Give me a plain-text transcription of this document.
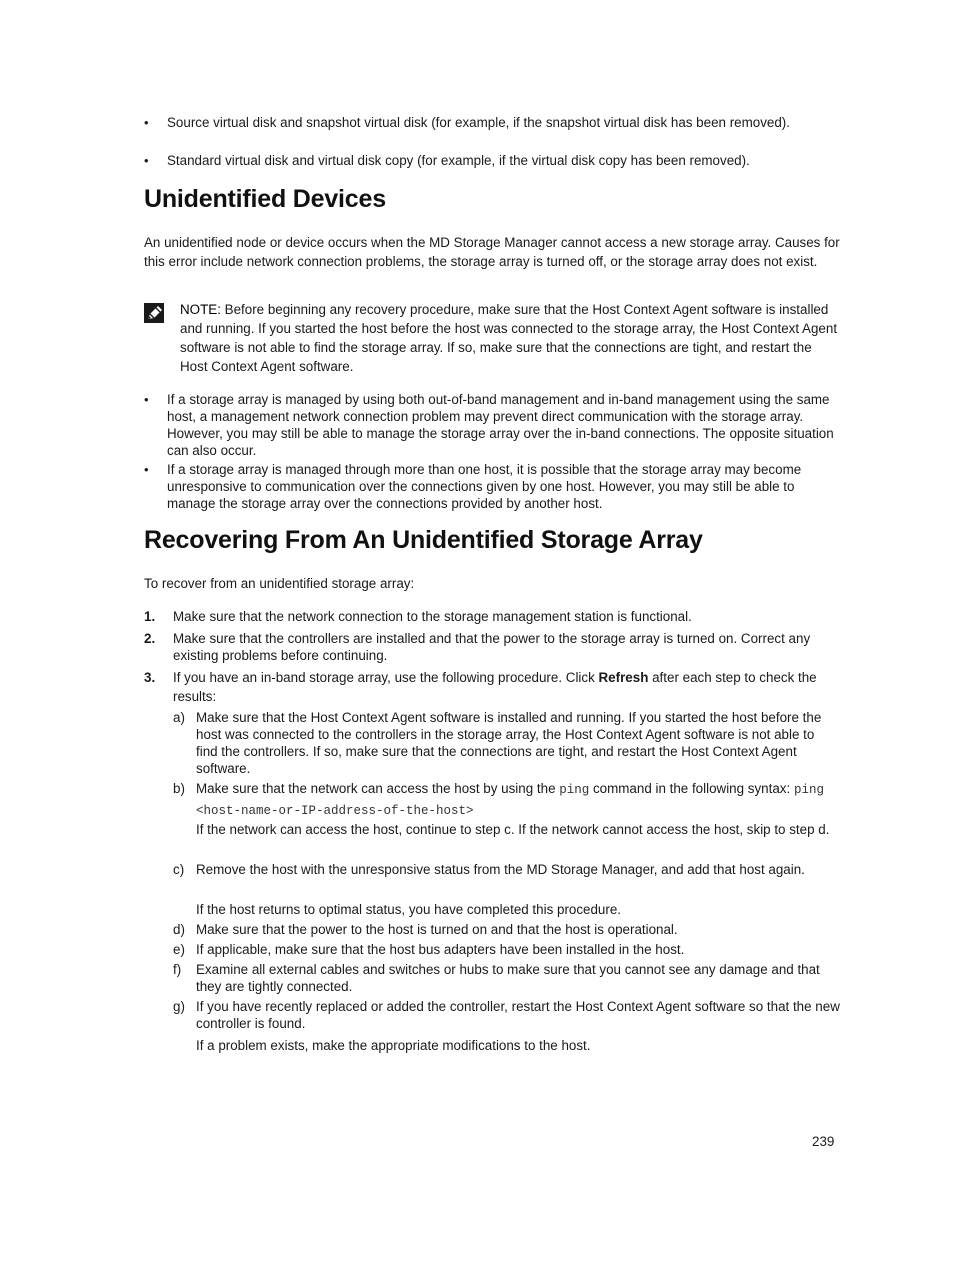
• Source virtual disk and snapshot virtual disk (for example, if the snapshot virtual disk has been removed).
• Standard virtual disk and virtual disk copy (for example, if the virtual disk copy has been removed).
Unidentified Devices
An unidentified node or device occurs when the MD Storage Manager cannot access a new storage array. Causes for this error include network connection problems, the storage array is turned off, or the storage array does not exist.
NOTE: Before beginning any recovery procedure, make sure that the Host Context Agent software is installed and running. If you started the host before the host was connected to the storage array, the Host Context Agent software is not able to find the storage array. If so, make sure that the connections are tight, and restart the Host Context Agent software.
• If a storage array is managed by using both out-of-band management and in-band management using the same host, a management network connection problem may prevent direct communication with the storage array. However, you may still be able to manage the storage array over the in-band connections. The opposite situation can also occur.
• If a storage array is managed through more than one host, it is possible that the storage array may become unresponsive to communication over the connections given by one host. However, you may still be able to manage the storage array over the connections provided by another host.
Recovering From An Unidentified Storage Array
To recover from an unidentified storage array:
1. Make sure that the network connection to the storage management station is functional.
2. Make sure that the controllers are installed and that the power to the storage array is turned on. Correct any existing problems before continuing.
3. If you have an in-band storage array, use the following procedure. Click Refresh after each step to check the results:
a) Make sure that the Host Context Agent software is installed and running. If you started the host before the host was connected to the controllers in the storage array, the Host Context Agent software is not able to find the controllers. If so, make sure that the connections are tight, and restart the Host Context Agent software.
b) Make sure that the network can access the host by using the ping command in the following syntax: ping <host-name-or-IP-address-of-the-host>
If the network can access the host, continue to step c. If the network cannot access the host, skip to step d.
c) Remove the host with the unresponsive status from the MD Storage Manager, and add that host again.
If the host returns to optimal status, you have completed this procedure.
d) Make sure that the power to the host is turned on and that the host is operational.
e) If applicable, make sure that the host bus adapters have been installed in the host.
f) Examine all external cables and switches or hubs to make sure that you cannot see any damage and that they are tightly connected.
g) If you have recently replaced or added the controller, restart the Host Context Agent software so that the new controller is found.
If a problem exists, make the appropriate modifications to the host.
239
